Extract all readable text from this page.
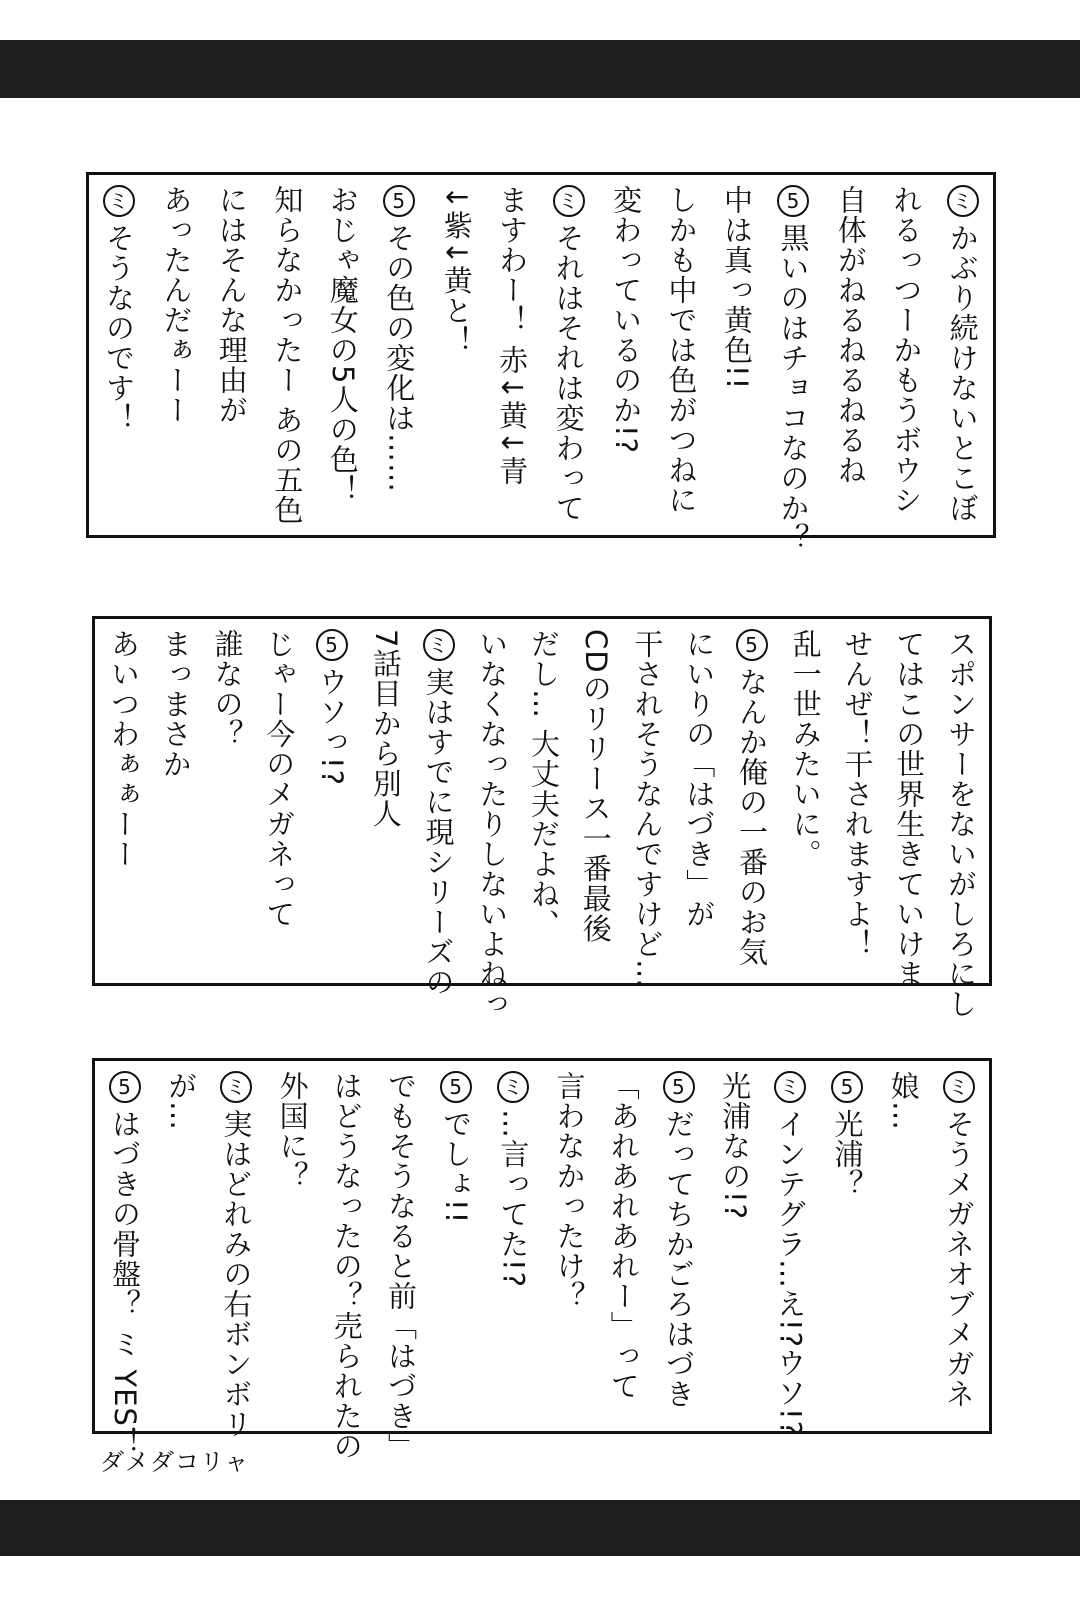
ミかぶり続けないとこぼ
れるっつーかもうボウシ
自体がねるねるねるね
5黒いのはチョコなのか？
中は真っ黄色!!
しかも中では色がつねに
変わっているのか!?
ミそれはそれは変わって
ますわー！ 赤↓黄↓青
↓紫↓黄と！
5その色の変化は……
おじゃ魔女の5人の色！
知らなかったー あの五色
にはそんな理由が
あったんだぁーー
ミそうなのです！
スポンサーをないがしろにし
てはこの世界生きていけま
せんぜ！干されますよ！
乱一世みたいに。
5なんか俺の一番のお気
にいりの「はづき」が
干されそうなんですけど…
CDのリリース一番最後
だし… 大丈夫だよね、
いなくなったりしないよねっ
ミ実はすでに現シリーズの
7話目から別人
5ウソっ!?
じゃー今のメガネって
誰なの？
まっまさか
あいつわぁぁーー
ミそうメガネオブメガネ
娘…
5光浦？
ミインテグラ…え!?ウソ!?
光浦なの!?
5だってちかごろはづき
「あれあれあれー」って
言わなかったけ？
ミ…言ってた!?
5でしょ!!
でもそうなると前「はづき」
はどうなったの？売られたの
外国に？
ミ実はどれみの右ボンボリ
が…
5はづきの骨盤？ ミ YES！
ダメダコリャ
